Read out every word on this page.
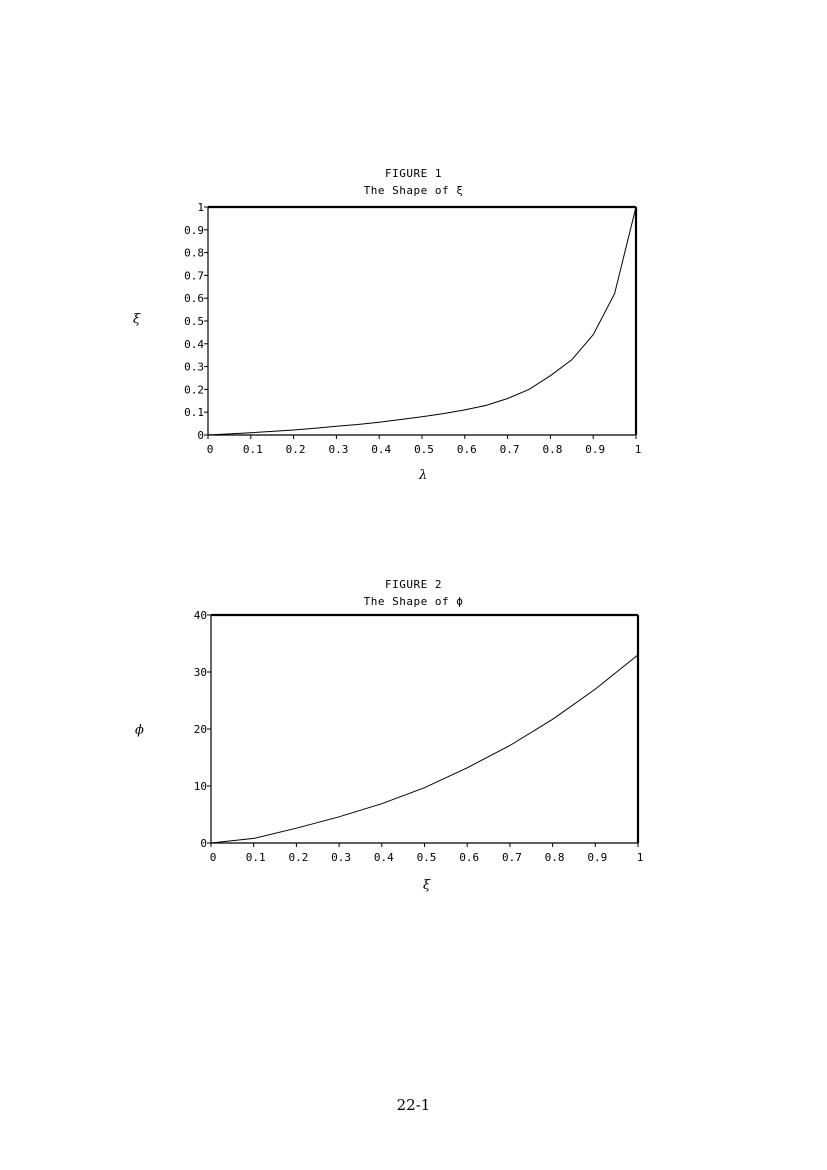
FIGURE 1
The Shape of ξ
ξ
λ
0	0.1 0.2 0.3 0.4 0.5 0.6 0.7 0.8 0.9	1
0
0.1
0.2
0.3
0.4
0.5
0.6
0.7
0.8
0.9
1
FIGURE 2
The Shape of ϕ
ϕ
ξ
0	0.1 0.2 0.3 0.4 0.5 0.6 0.7 0.8 0.9	1
0
10
20
30
40
22-1
